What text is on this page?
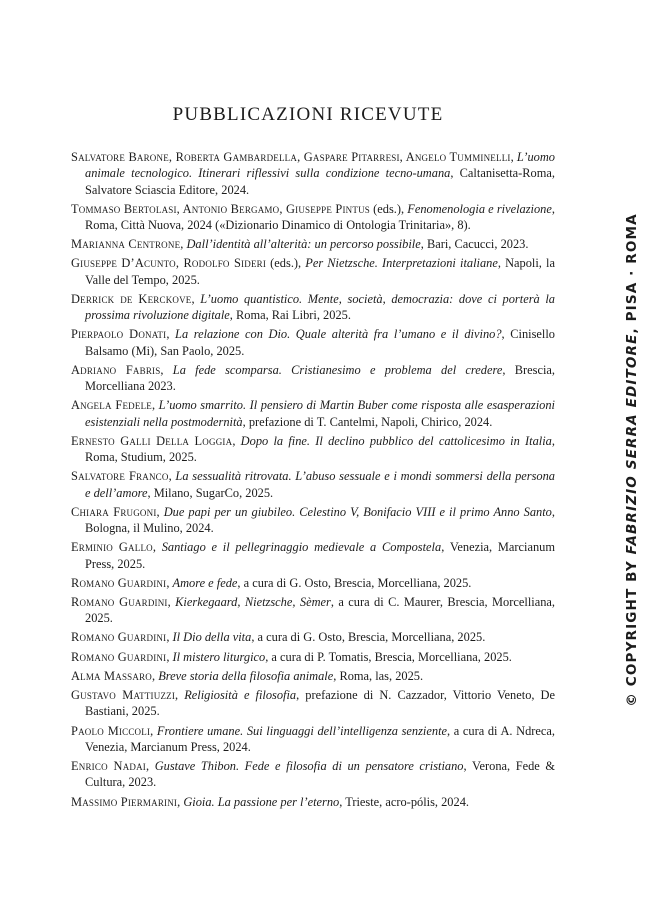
PUBBLICAZIONI RICEVUTE
Salvatore Barone, Roberta Gambardella, Gaspare Pitarresi, Angelo Tumminelli, L’uomo animale tecnologico. Itinerari riflessivi sulla condizione tecno-umana, Caltanisetta-Roma, Salvatore Sciascia Editore, 2024.
Tommaso Bertolasi, Antonio Bergamo, Giuseppe Pintus (eds.), Fenomenologia e rivelazione, Roma, Città Nuova, 2024 («Dizionario Dinamico di Ontologia Trinitaria», 8).
Marianna Centrone, Dall’identità all’alterità: un percorso possibile, Bari, Cacucci, 2023.
Giuseppe D’Acunto, Rodolfo Sideri (eds.), Per Nietzsche. Interpretazioni italiane, Napoli, la Valle del Tempo, 2025.
Derrick de Kerckove, L’uomo quantistico. Mente, società, democrazia: dove ci porterà la prossima rivoluzione digitale, Roma, Rai Libri, 2025.
Pierpaolo Donati, La relazione con Dio. Quale alterità fra l’umano e il divino?, Cinisello Balsamo (Mi), San Paolo, 2025.
Adriano Fabris, La fede scomparsa. Cristianesimo e problema del credere, Brescia, Morcelliana 2023.
Angela Fedele, L’uomo smarrito. Il pensiero di Martin Buber come risposta alle esasperazioni esistenziali nella postmodernità, prefazione di T. Cantelmi, Napoli, Chirico, 2024.
Ernesto Galli Della Loggia, Dopo la fine. Il declino pubblico del cattolicesimo in Italia, Roma, Studium, 2025.
Salvatore Franco, La sessualità ritrovata. L’abuso sessuale e i mondi sommersi della persona e dell’amore, Milano, SugarCo, 2025.
Chiara Frugoni, Due papi per un giubileo. Celestino V, Bonifacio VIII e il primo Anno Santo, Bologna, il Mulino, 2024.
Erminio Gallo, Santiago e il pellegrinaggio medievale a Compostela, Venezia, Marcianum Press, 2025.
Romano Guardini, Amore e fede, a cura di G. Osto, Brescia, Morcelliana, 2025.
Romano Guardini, Kierkegaard, Nietzsche, Sèmer, a cura di C. Maurer, Brescia, Morcelliana, 2025.
Romano Guardini, Il Dio della vita, a cura di G. Osto, Brescia, Morcelliana, 2025.
Romano Guardini, Il mistero liturgico, a cura di P. Tomatis, Brescia, Morcelliana, 2025.
Alma Massaro, Breve storia della filosofia animale, Roma, las, 2025.
Gustavo Mattiuzzi, Religiosità e filosofia, prefazione di N. Cazzador, Vittorio Veneto, De Bastiani, 2025.
Paolo Miccoli, Frontiere umane. Sui linguaggi dell’intelligenza senziente, a cura di A. Ndreca, Venezia, Marcianum Press, 2024.
Enrico Nadai, Gustave Thibon. Fede e filosofia di un pensatore cristiano, Verona, Fede & Cultura, 2023.
Massimo Piermarini, Gioia. La passione per l’eterno, Trieste, acro-pólis, 2024.
© COPYRIGHT BY FABRIZIO SERRA EDITORE, PISA · ROMA
